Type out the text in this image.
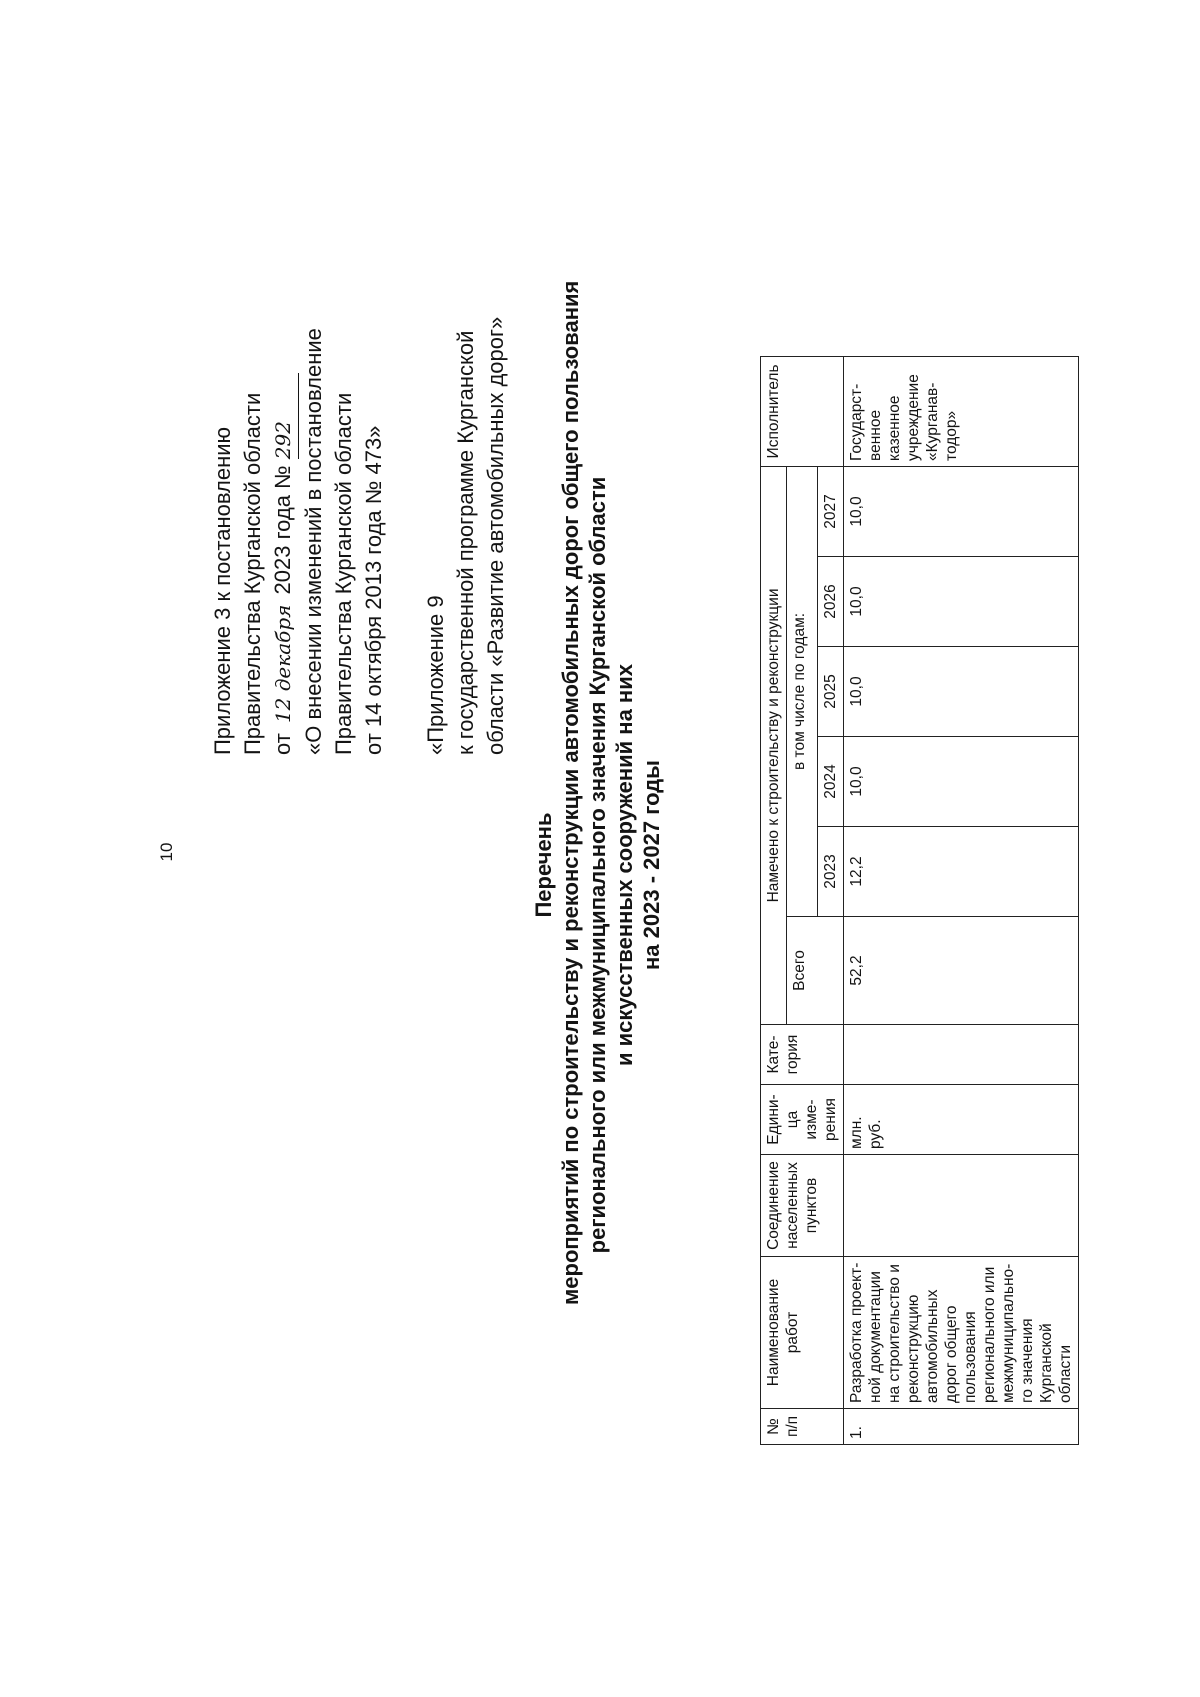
10
Приложение 3 к постановлению Правительства Курганской области от 12 декабря 2023 года № 292 «О внесении изменений в постановление Правительства Курганской области от 14 октября 2013 года № 473» «Приложение 9 к государственной программе Курганской области «Развитие автомобильных дорог»
Перечень мероприятий по строительству и реконструкции автомобильных дорог общего пользования регионального или межмуниципального значения Курганской области и искусственных сооружений на них на 2023 - 2027 годы
№ п/п	Наименование работ	Соединение населенных пунктов	Едини-ца изме-рения	Кате-гория	Намечено к строительству и реконструкции						Исполнитель
					Всего	в том числе по годам:					
						2023	2024	2025	2026	2027	
1.	Разработка проект-ной документации на строительство и реконструкцию автомобильных дорог общего пользования регионального или межмуниципально-го значения Курганской области		млн. руб.		52,2	12,2	10,0	10,0	10,0	10,0	Государст-венное казенное учреждение «Курганав-тодор»
